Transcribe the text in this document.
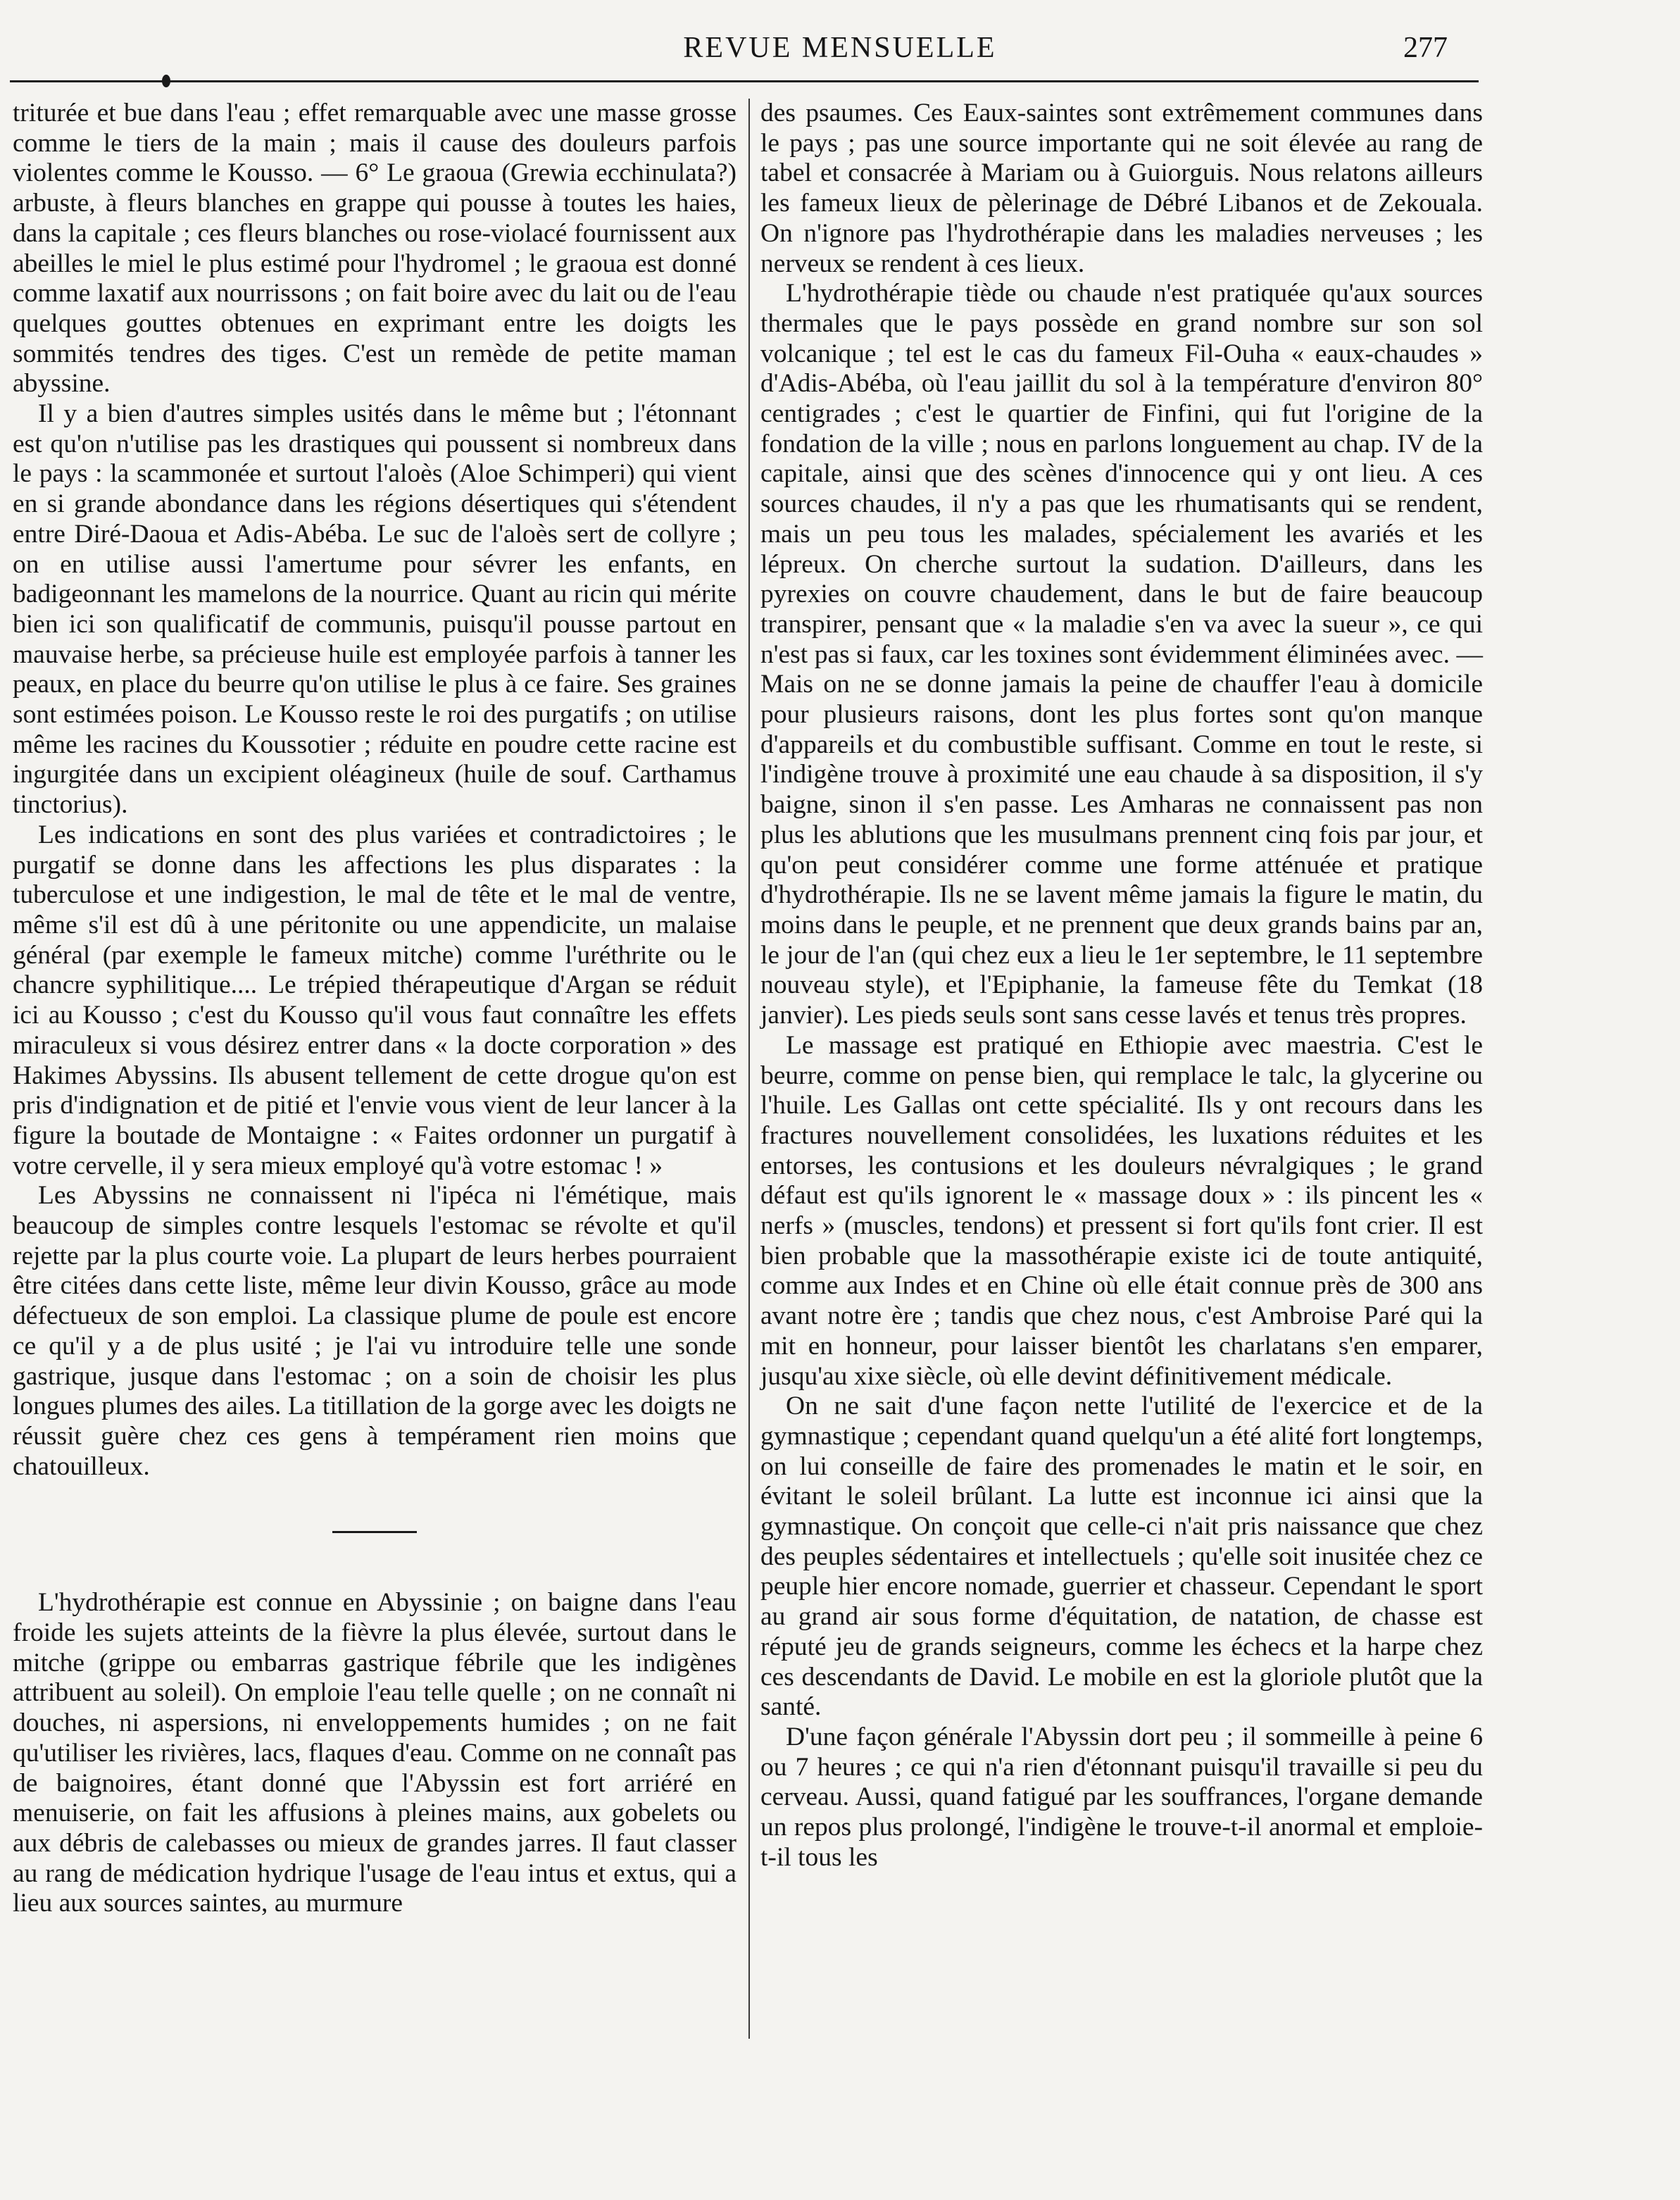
REVUE MENSUELLE	277

triturée et bue dans l'eau ; effet remarquable avec une masse grosse comme le tiers de la main ; mais il cause des douleurs parfois violentes comme le Kousso. — 6° Le graoua (Grewia ecchinulata?) arbuste, à fleurs blanches en grappe qui pousse à toutes les haies, dans la capitale ; ces fleurs blanches ou rose-violacé fournissent aux abeilles le miel le plus estimé pour l'hydromel ; le graoua est donné comme laxatif aux nourrissons ; on fait boire avec du lait ou de l'eau quelques gouttes obtenues en exprimant entre les doigts les sommités tendres des tiges. C'est un remède de petite maman abyssine.

Il y a bien d'autres simples usités dans le même but ; l'étonnant est qu'on n'utilise pas les drastiques qui poussent si nombreux dans le pays : la scammonée et surtout l'aloès (Aloe Schimperi) qui vient en si grande abondance dans les régions désertiques qui s'étendent entre Diré-Daoua et Adis-Abéba. Le suc de l'aloès sert de collyre ; on en utilise aussi l'amertume pour sévrer les enfants, en badigeonnant les mamelons de la nourrice. Quant au ricin qui mérite bien ici son qualificatif de communis, puisqu'il pousse partout en mauvaise herbe, sa précieuse huile est employée parfois à tanner les peaux, en place du beurre qu'on utilise le plus à ce faire. Ses graines sont estimées poison. Le Kousso reste le roi des purgatifs ; on utilise même les racines du Koussotier ; réduite en poudre cette racine est ingurgitée dans un excipient oléagineux (huile de souf. Carthamus tinctorius).

Les indications en sont des plus variées et contradictoires ; le purgatif se donne dans les affections les plus disparates : la tuberculose et une indigestion, le mal de tête et le mal de ventre, même s'il est dû à une péritonite ou une appendicite, un malaise général (par exemple le fameux mitche) comme l'uréthrite ou le chancre syphilitique.... Le trépied thérapeutique d'Argan se réduit ici au Kousso ; c'est du Kousso qu'il vous faut connaître les effets miraculeux si vous désirez entrer dans « la docte corporation » des Hakimes Abyssins. Ils abusent tellement de cette drogue qu'on est pris d'indignation et de pitié et l'envie vous vient de leur lancer à la figure la boutade de Montaigne : « Faites ordonner un purgatif à votre cervelle, il y sera mieux employé qu'à votre estomac ! »

Les Abyssins ne connaissent ni l'ipéca ni l'émétique, mais beaucoup de simples contre lesquels l'estomac se révolte et qu'il rejette par la plus courte voie. La plupart de leurs herbes pourraient être citées dans cette liste, même leur divin Kousso, grâce au mode défectueux de son emploi. La classique plume de poule est encore ce qu'il y a de plus usité ; je l'ai vu introduire telle une sonde gastrique, jusque dans l'estomac ; on a soin de choisir les plus longues plumes des ailes. La titillation de la gorge avec les doigts ne réussit guère chez ces gens à tempérament rien moins que chatouilleux.

L'hydrothérapie est connue en Abyssinie ; on baigne dans l'eau froide les sujets atteints de la fièvre la plus élevée, surtout dans le mitche (grippe ou embarras gastrique fébrile que les indigènes attribuent au soleil). On emploie l'eau telle quelle ; on ne connaît ni douches, ni aspersions, ni enveloppements humides ; on ne fait qu'utiliser les rivières, lacs, flaques d'eau. Comme on ne connaît pas de baignoires, étant donné que l'Abyssin est fort arriéré en menuiserie, on fait les affusions à pleines mains, aux gobelets ou aux débris de calebasses ou mieux de grandes jarres. Il faut classer au rang de médication hydrique l'usage de l'eau intus et extus, qui a lieu aux sources saintes, au murmure

des psaumes. Ces Eaux-saintes sont extrêmement communes dans le pays ; pas une source importante qui ne soit élevée au rang de tabel et consacrée à Mariam ou à Guiorguis. Nous relatons ailleurs les fameux lieux de pèlerinage de Débré Libanos et de Zekouala. On n'ignore pas l'hydrothérapie dans les maladies nerveuses ; les nerveux se rendent à ces lieux.

L'hydrothérapie tiède ou chaude n'est pratiquée qu'aux sources thermales que le pays possède en grand nombre sur son sol volcanique ; tel est le cas du fameux Fil-Ouha « eaux-chaudes » d'Adis-Abéba, où l'eau jaillit du sol à la température d'environ 80° centigrades ; c'est le quartier de Finfini, qui fut l'origine de la fondation de la ville ; nous en parlons longuement au chap. IV de la capitale, ainsi que des scènes d'innocence qui y ont lieu. A ces sources chaudes, il n'y a pas que les rhumatisants qui se rendent, mais un peu tous les malades, spécialement les avariés et les lépreux. On cherche surtout la sudation. D'ailleurs, dans les pyrexies on couvre chaudement, dans le but de faire beaucoup transpirer, pensant que « la maladie s'en va avec la sueur », ce qui n'est pas si faux, car les toxines sont évidemment éliminées avec. — Mais on ne se donne jamais la peine de chauffer l'eau à domicile pour plusieurs raisons, dont les plus fortes sont qu'on manque d'appareils et du combustible suffisant. Comme en tout le reste, si l'indigène trouve à proximité une eau chaude à sa disposition, il s'y baigne, sinon il s'en passe. Les Amharas ne connaissent pas non plus les ablutions que les musulmans prennent cinq fois par jour, et qu'on peut considérer comme une forme atténuée et pratique d'hydrothérapie. Ils ne se lavent même jamais la figure le matin, du moins dans le peuple, et ne prennent que deux grands bains par an, le jour de l'an (qui chez eux a lieu le 1er septembre, le 11 septembre nouveau style), et l'Epiphanie, la fameuse fête du Temkat (18 janvier). Les pieds seuls sont sans cesse lavés et tenus très propres.

Le massage est pratiqué en Ethiopie avec maestria. C'est le beurre, comme on pense bien, qui remplace le talc, la glycerine ou l'huile. Les Gallas ont cette spécialité. Ils y ont recours dans les fractures nouvellement consolidées, les luxations réduites et les entorses, les contusions et les douleurs névralgiques ; le grand défaut est qu'ils ignorent le « massage doux » : ils pincent les « nerfs » (muscles, tendons) et pressent si fort qu'ils font crier. Il est bien probable que la massothérapie existe ici de toute antiquité, comme aux Indes et en Chine où elle était connue près de 300 ans avant notre ère ; tandis que chez nous, c'est Ambroise Paré qui la mit en honneur, pour laisser bientôt les charlatans s'en emparer, jusqu'au xixe siècle, où elle devint définitivement médicale.

On ne sait d'une façon nette l'utilité de l'exercice et de la gymnastique ; cependant quand quelqu'un a été alité fort longtemps, on lui conseille de faire des promenades le matin et le soir, en évitant le soleil brûlant. La lutte est inconnue ici ainsi que la gymnastique. On conçoit que celle-ci n'ait pris naissance que chez des peuples sédentaires et intellectuels ; qu'elle soit inusitée chez ce peuple hier encore nomade, guerrier et chasseur. Cependant le sport au grand air sous forme d'équitation, de natation, de chasse est réputé jeu de grands seigneurs, comme les échecs et la harpe chez ces descendants de David. Le mobile en est la gloriole plutôt que la santé.

D'une façon générale l'Abyssin dort peu ; il sommeille à peine 6 ou 7 heures ; ce qui n'a rien d'étonnant puisqu'il travaille si peu du cerveau. Aussi, quand fatigué par les souffrances, l'organe demande un repos plus prolongé, l'indigène le trouve-t-il anormal et emploie-t-il tous les
